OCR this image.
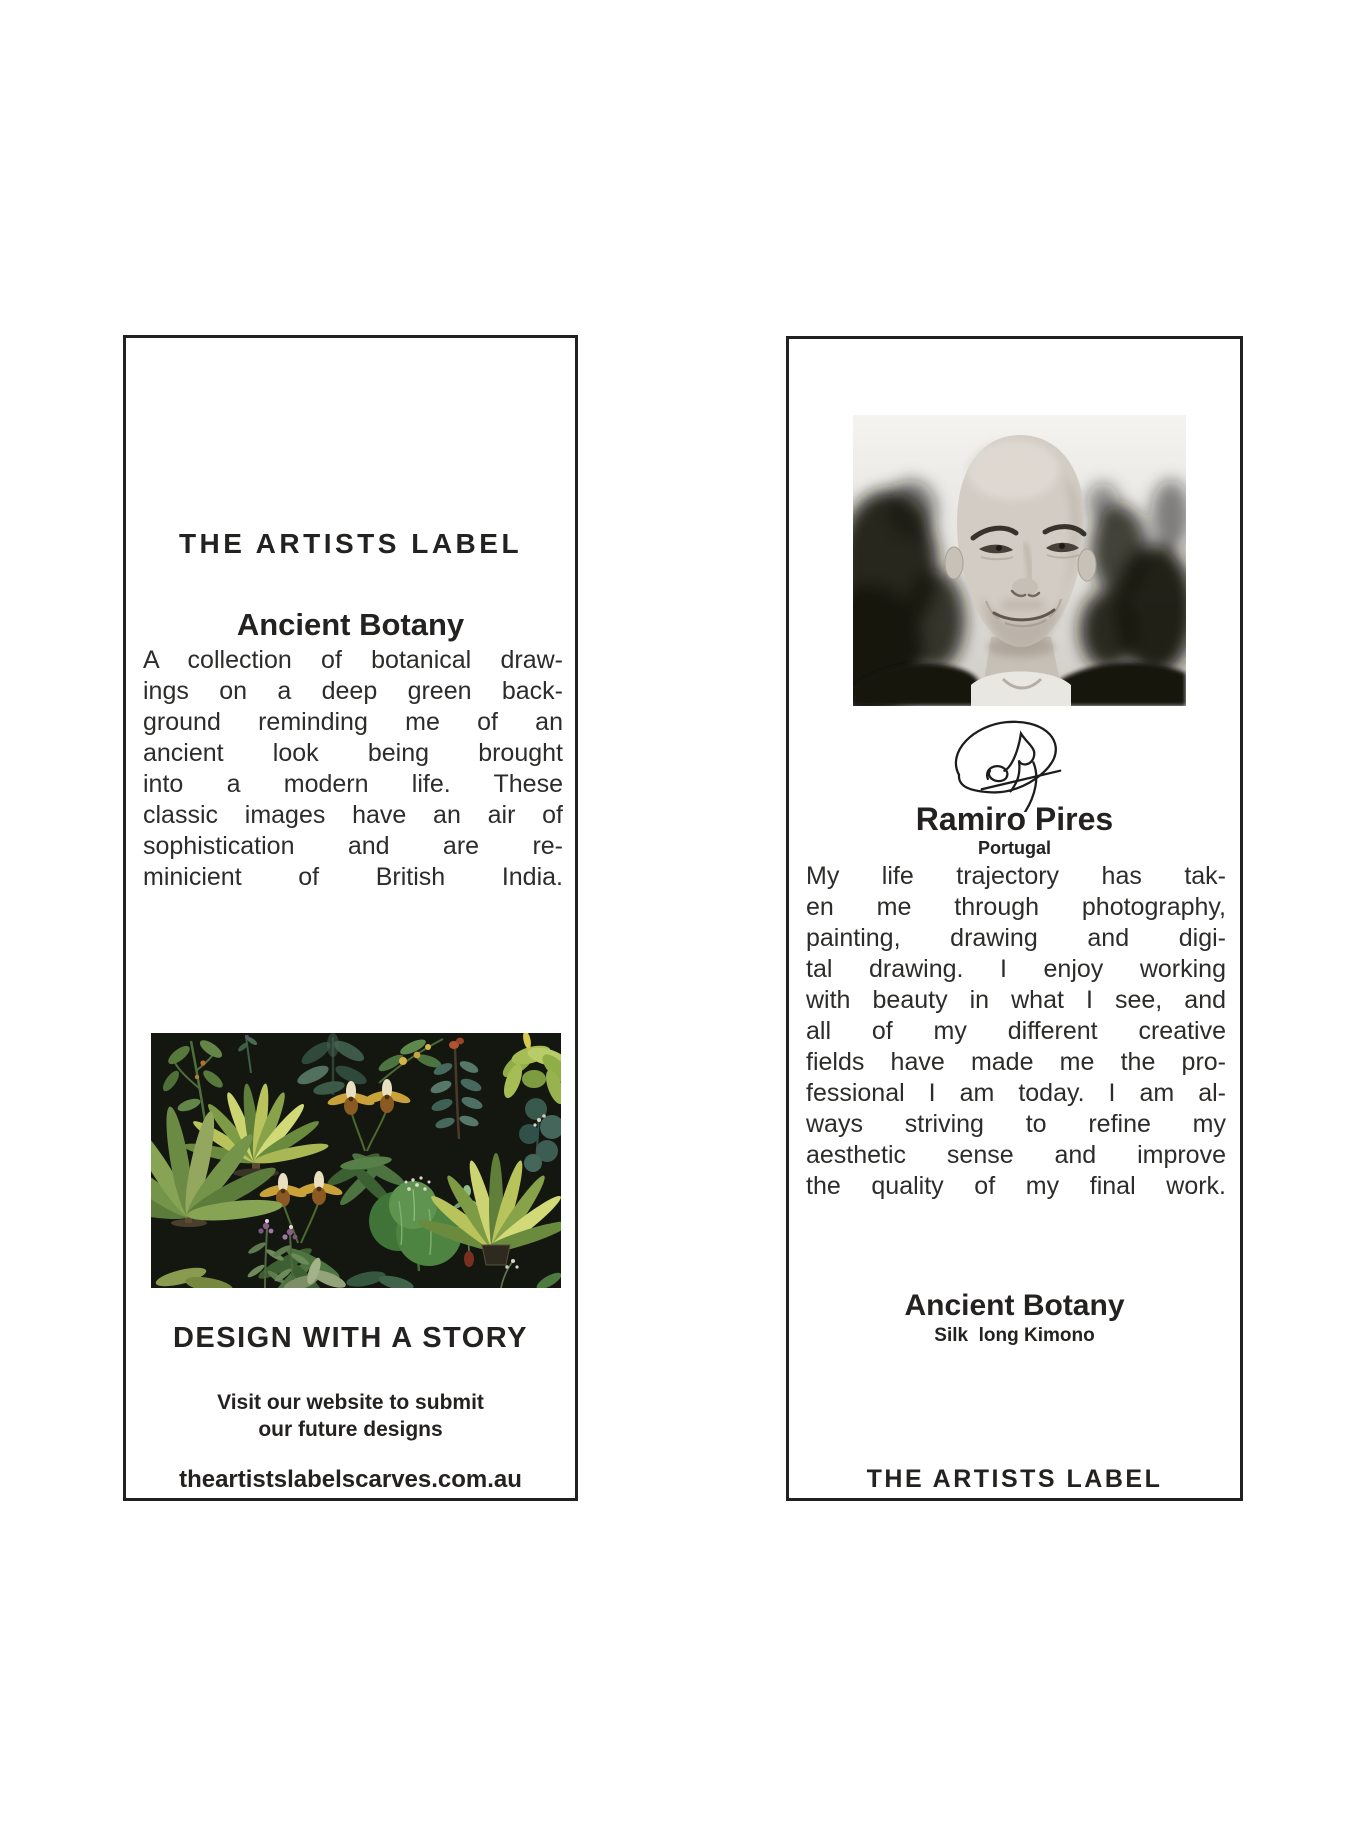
THE ARTISTS LABEL
Ancient Botany
A collection of botanical draw-
ings on a deep green back-
ground reminding me of an
ancient look being brought
into a modern life. These
classic images have an air of
sophistication and are re-
minicient of British India.
DESIGN WITH A STORY
Visit our website to submit
our future designs
theartistslabelscarves.com.au
Ramiro Pires
Portugal
My life trajectory has tak-
en me through photography,
painting, drawing and digi-
tal drawing. I enjoy working
with beauty in what I see, and
all of my different creative
fields have made me the pro-
fessional I am today. I am al-
ways striving to refine my
aesthetic sense and improve
the quality of my final work.
Ancient Botany
Silk  long Kimono
THE ARTISTS LABEL
